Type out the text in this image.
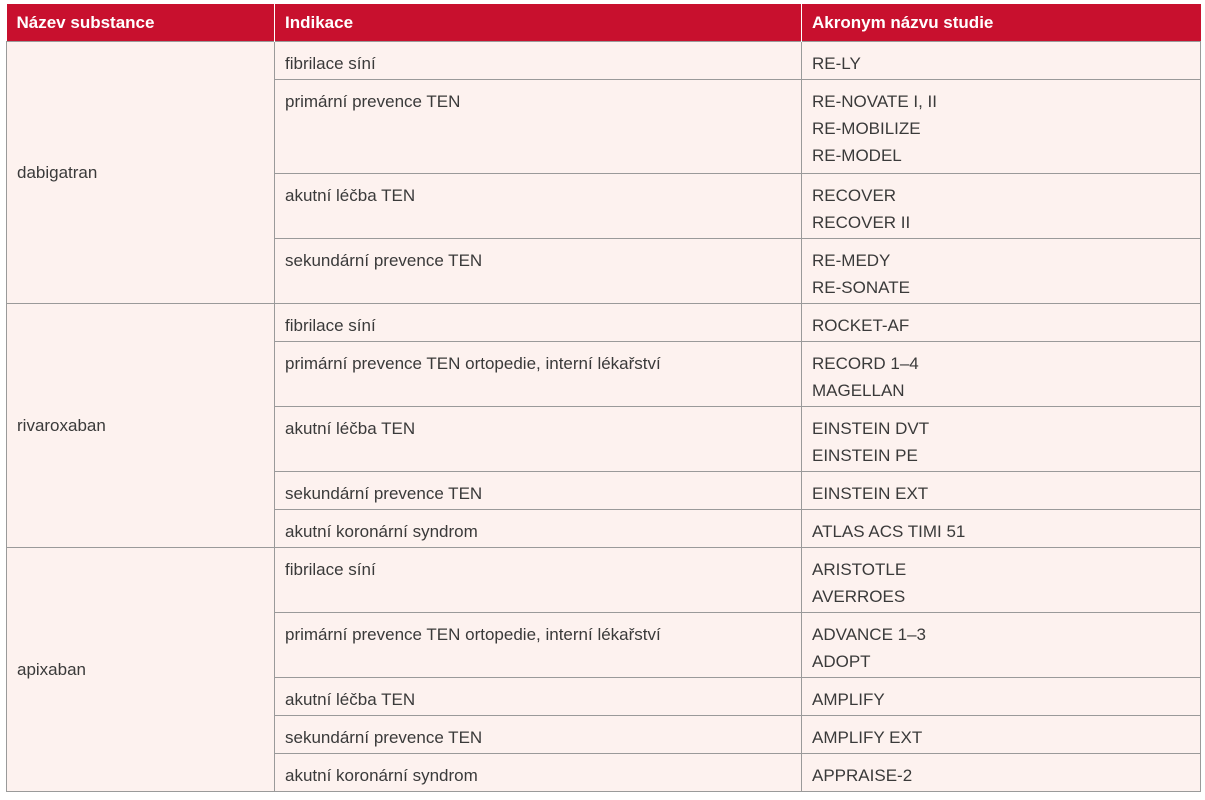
Název substance	Indikace	Akronym názvu studie
dabigatran	fibrilace síní	RE-LY

	primární prevence TEN	RE-NOVATE I, II
RE-MOBILIZE
RE-MODEL

	akutní léčba TEN	RECOVER
RECOVER II

	sekundární prevence TEN	RE-MEDY
RE-SONATE

rivaroxaban	fibrilace síní	ROCKET-AF

	primární prevence TEN ortopedie, interní lékařství	RECORD 1–4
MAGELLAN

	akutní léčba TEN	EINSTEIN DVT
EINSTEIN PE

	sekundární prevence TEN	EINSTEIN EXT

	akutní koronární syndrom	ATLAS ACS TIMI 51

apixaban	fibrilace síní	ARISTOTLE
AVERROES

	primární prevence TEN ortopedie, interní lékařství	ADVANCE 1–3
ADOPT

	akutní léčba TEN	AMPLIFY

	sekundární prevence TEN	AMPLIFY EXT

	akutní koronární syndrom	APPRAISE-2
